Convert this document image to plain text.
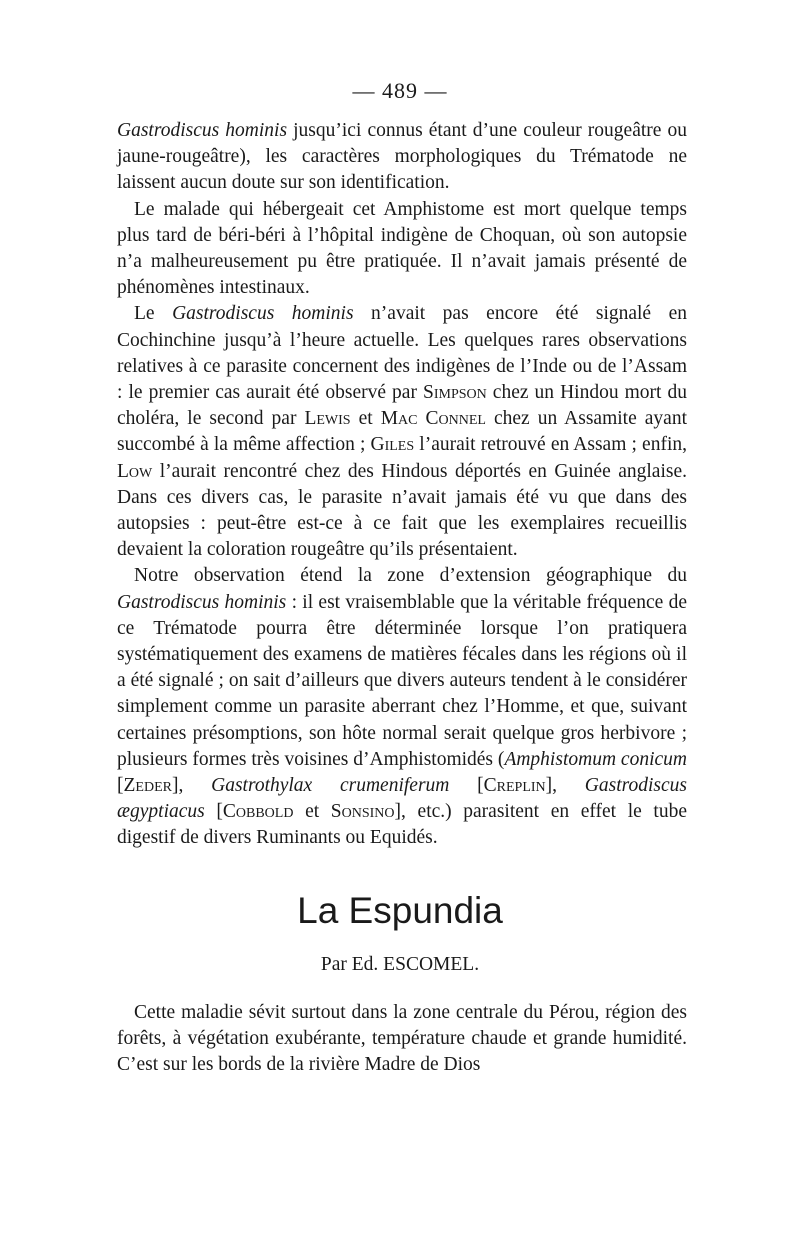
— 489 —

Gastrodiscus hominis jusqu’ici connus étant d’une couleur rougeâtre ou jaune-rougeâtre), les caractères morphologiques du Trématode ne laissent aucun doute sur son identification.

Le malade qui hébergeait cet Amphistome est mort quelque temps plus tard de béri-béri à l’hôpital indigène de Choquan, où son autopsie n’a malheureusement pu être pratiquée. Il n’avait jamais présenté de phénomènes intestinaux.

Le Gastrodiscus hominis n’avait pas encore été signalé en Cochinchine jusqu’à l’heure actuelle. Les quelques rares observations relatives à ce parasite concernent des indigènes de l’Inde ou de l’Assam : le premier cas aurait été observé par Simpson chez un Hindou mort du choléra, le second par Lewis et Mac Connel chez un Assamite ayant succombé à la même affection ; Giles l’aurait retrouvé en Assam ; enfin, Low l’aurait rencontré chez des Hindous déportés en Guinée anglaise. Dans ces divers cas, le parasite n’avait jamais été vu que dans des autopsies : peut-être est-ce à ce fait que les exemplaires recueillis devaient la coloration rougeâtre qu’ils présentaient.

Notre observation étend la zone d’extension géographique du Gastrodiscus hominis : il est vraisemblable que la véritable fréquence de ce Trématode pourra être déterminée lorsque l’on pratiquera systématiquement des examens de matières fécales dans les régions où il a été signalé ; on sait d’ailleurs que divers auteurs tendent à le considérer simplement comme un parasite aberrant chez l’Homme, et que, suivant certaines présomptions, son hôte normal serait quelque gros herbivore ; plusieurs formes très voisines d’Amphistomidés (Amphistomum conicum [Zeder], Gastrothylax crumeniferum [Creplin], Gastrodiscus ægyptiacus [Cobbold et Sonsino], etc.) parasitent en effet le tube digestif de divers Ruminants ou Equidés.

La Espundia
Par Ed. ESCOMEL.

Cette maladie sévit surtout dans la zone centrale du Pérou, région des forêts, à végétation exubérante, température chaude et grande humidité. C’est sur les bords de la rivière Madre de Dios
